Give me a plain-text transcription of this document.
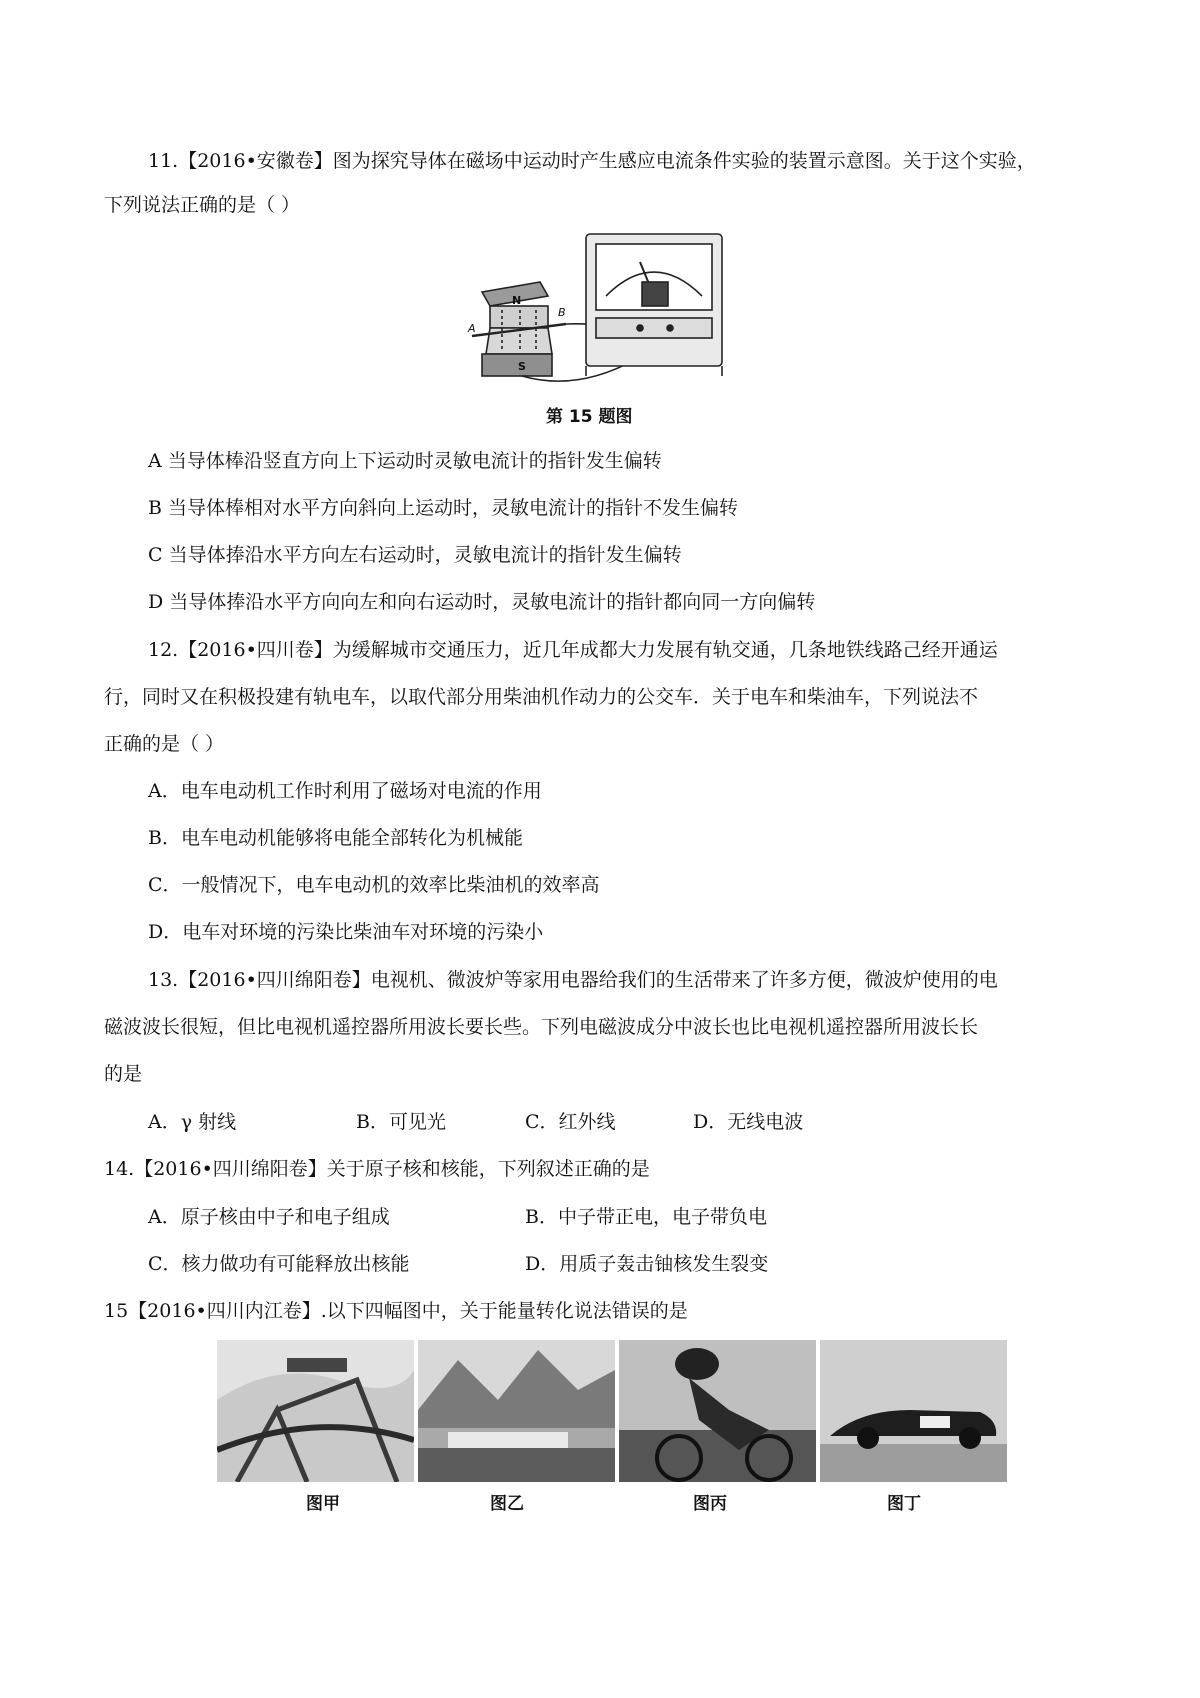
11.【2016•安徽卷】图为探究导体在磁场中运动时产生感应电流条件实验的装置示意图。关于这个实验，
下列说法正确的是（ ）
N
S
A
B
第 15 题图
A 当导体棒沿竖直方向上下运动时灵敏电流计的指针发生偏转
B 当导体棒相对水平方向斜向上运动时，灵敏电流计的指针不发生偏转
C 当导体捧沿水平方向左右运动时，灵敏电流计的指针发生偏转
D 当导体捧沿水平方向向左和向右运动时，灵敏电流计的指针都向同一方向偏转
12.【2016•四川卷】为缓解城市交通压力，近几年成都大力发展有轨交通，几条地铁线路己经开通运
行，同时又在积极投建有轨电车，以取代部分用柴油机作动力的公交车．关于电车和柴油车，下列说法不
正确的是（ ）
A．电车电动机工作时利用了磁场对电流的作用
B．电车电动机能够将电能全部转化为机械能
C．一般情况下，电车电动机的效率比柴油机的效率高
D．电车对环境的污染比柴油车对环境的污染小
13.【2016•四川绵阳卷】电视机、微波炉等家用电器给我们的生活带来了许多方便，微波炉使用的电
磁波波长很短，但比电视机遥控器所用波长要长些。下列电磁波成分中波长也比电视机遥控器所用波长长
的是
A．γ 射线	B．可见光	C．红外线	D．无线电波
14.【2016•四川绵阳卷】关于原子核和核能，下列叙述正确的是
A．原子核由中子和电子组成	B．中子带正电，电子带负电
C．核力做功有可能释放出核能	D．用质子轰击铀核发生裂变
15【2016•四川内江卷】.以下四幅图中，关于能量转化说法错误的是
图甲	图乙	图丙	图丁
